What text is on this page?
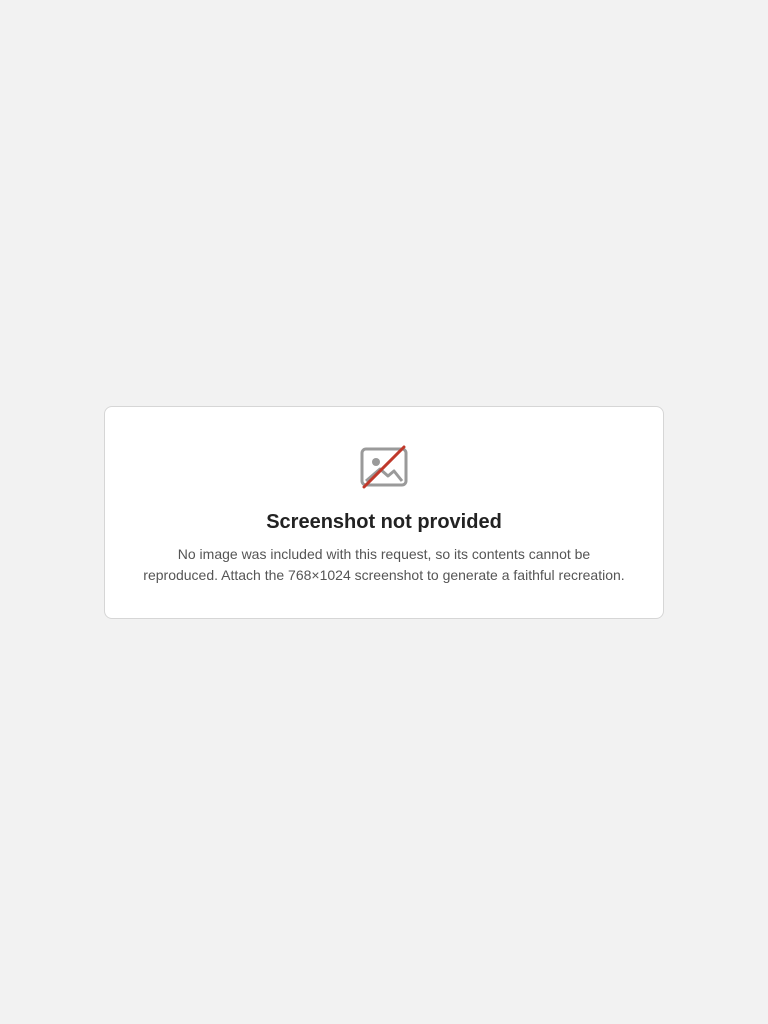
Screenshot not provided

No image was included with this request, so its contents cannot be reproduced. Attach the 768×1024 screenshot to generate a faithful recreation.
